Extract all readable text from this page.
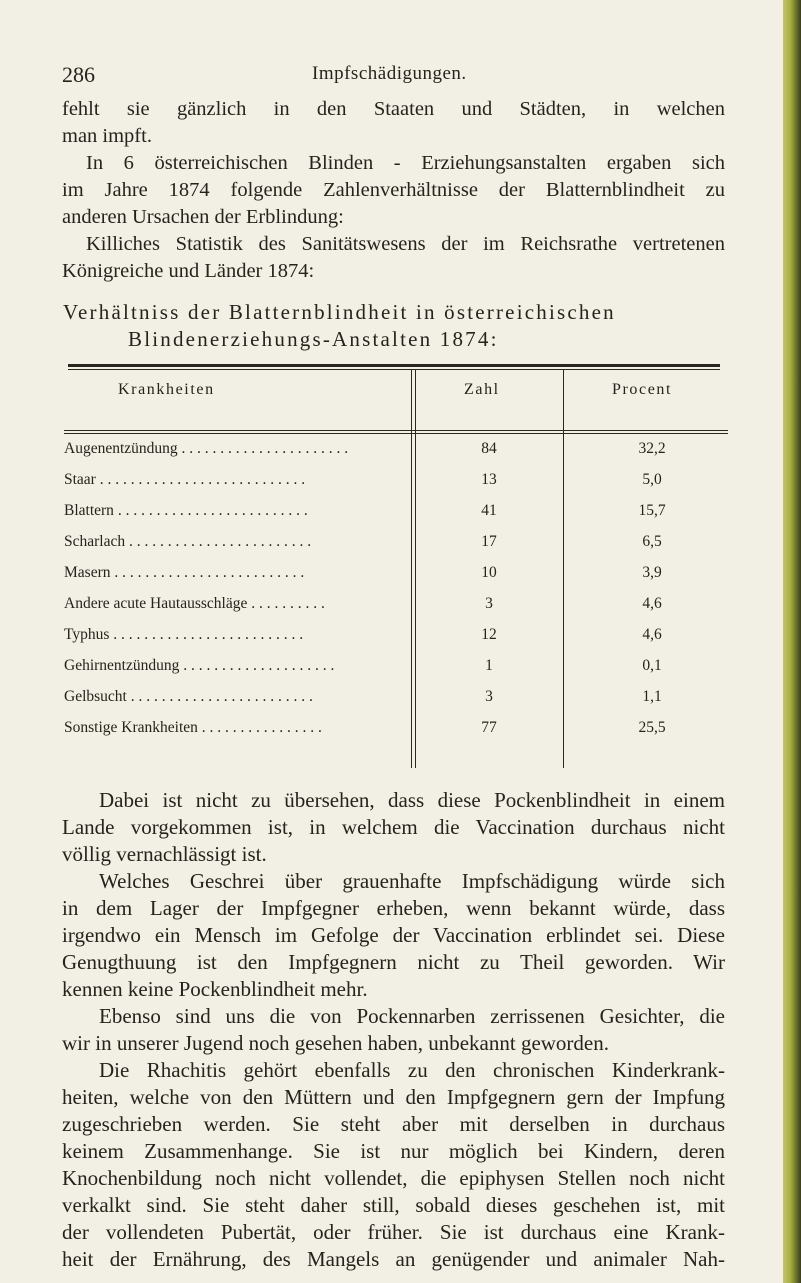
286	Impfschädigungen.
fehlt sie gänzlich in den Staaten und Städten, in welchen
man impft.
In 6 österreichischen Blinden - Erziehungsanstalten ergaben sich
im Jahre 1874 folgende Zahlenverhältnisse der Blatternblindheit zu
anderen Ursachen der Erblindung:
Killiches Statistik des Sanitätswesens der im Reichsrathe vertretenen
Königreiche und Länder 1874:
Verhältniss der Blatternblindheit in österreichischen
Blindenerziehungs-Anstalten 1874:
Krankheiten	Zahl	Procent
Augenentzündung . . . . . . . . . . . . . . . . . . . . . .	84	32,2
Staar . . . . . . . . . . . . . . . . . . . . . . . . . . .	13	5,0
Blattern . . . . . . . . . . . . . . . . . . . . . . . . .	41	15,7
Scharlach . . . . . . . . . . . . . . . . . . . . . . . .	17	6,5
Masern . . . . . . . . . . . . . . . . . . . . . . . . .	10	3,9
Andere acute Hautausschläge . . . . . . . . . .	3	4,6
Typhus . . . . . . . . . . . . . . . . . . . . . . . . .	12	4,6
Gehirnentzündung . . . . . . . . . . . . . . . . . . . .	1	0,1
Gelbsucht . . . . . . . . . . . . . . . . . . . . . . . .	3	1,1
Sonstige Krankheiten . . . . . . . . . . . . . . . .	77	25,5
Dabei ist nicht zu übersehen, dass diese Pockenblindheit in einem
Lande vorgekommen ist, in welchem die Vaccination durchaus nicht
völlig vernachlässigt ist.
Welches Geschrei über grauenhafte Impfschädigung würde sich
in dem Lager der Impfgegner erheben, wenn bekannt würde, dass
irgendwo ein Mensch im Gefolge der Vaccination erblindet sei. Diese
Genugthuung ist den Impfgegnern nicht zu Theil geworden. Wir
kennen keine Pockenblindheit mehr.
Ebenso sind uns die von Pockennarben zerrissenen Gesichter, die
wir in unserer Jugend noch gesehen haben, unbekannt geworden.
Die Rhachitis gehört ebenfalls zu den chronischen Kinderkrank-
heiten, welche von den Müttern und den Impfgegnern gern der Impfung
zugeschrieben werden. Sie steht aber mit derselben in durchaus
keinem Zusammenhange. Sie ist nur möglich bei Kindern, deren
Knochenbildung noch nicht vollendet, die epiphysen Stellen noch nicht
verkalkt sind. Sie steht daher still, sobald dieses geschehen ist, mit
der vollendeten Pubertät, oder früher. Sie ist durchaus eine Krank-
heit der Ernährung, des Mangels an genügender und animaler Nah-
